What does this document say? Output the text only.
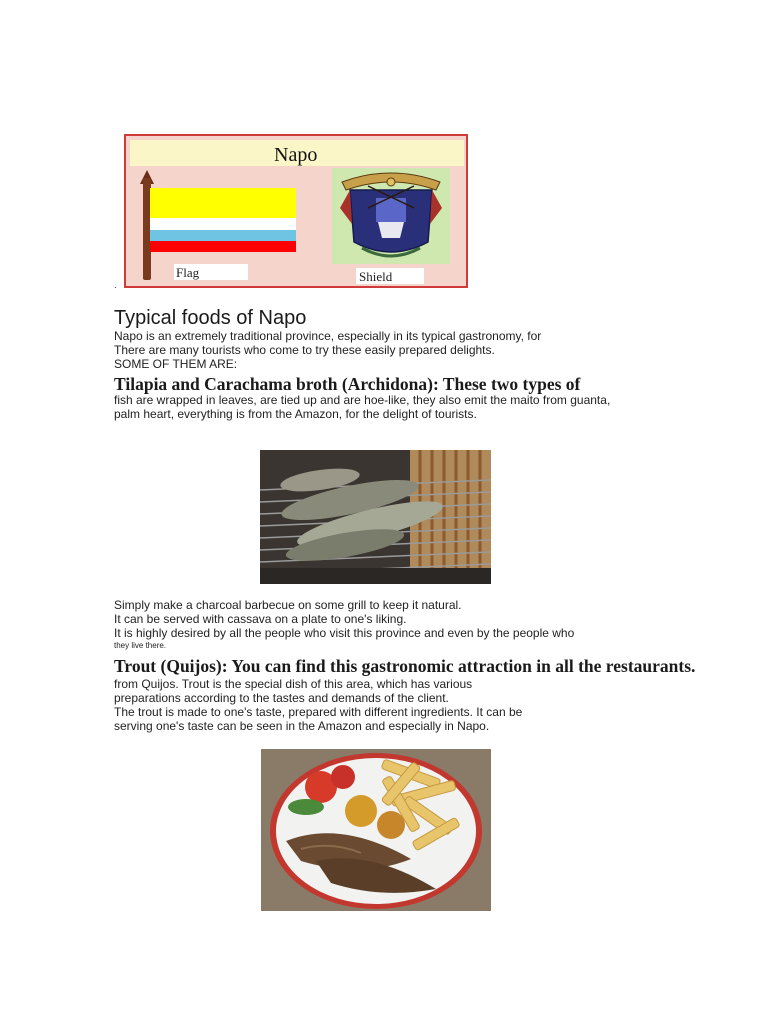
Napo
Flag	Shield
.
Typical foods of Napo
Napo is an extremely traditional province, especially in its typical gastronomy, for
There are many tourists who come to try these easily prepared delights.
SOME OF THEM ARE:
Tilapia and Carachama broth (Archidona): These two types of
fish are wrapped in leaves, are tied up and are hoe-like, they also emit the maito from guanta,
palm heart, everything is from the Amazon, for the delight of tourists.
Simply make a charcoal barbecue on some grill to keep it natural.
It can be served with cassava on a plate to one's liking.
It is highly desired by all the people who visit this province and even by the people who
they live there.
Trout (Quijos): You can find this gastronomic attraction in all the restaurants.
from Quijos. Trout is the special dish of this area, which has various
preparations according to the tastes and demands of the client.
The trout is made to one's taste, prepared with different ingredients. It can be
serving one's taste can be seen in the Amazon and especially in Napo.
